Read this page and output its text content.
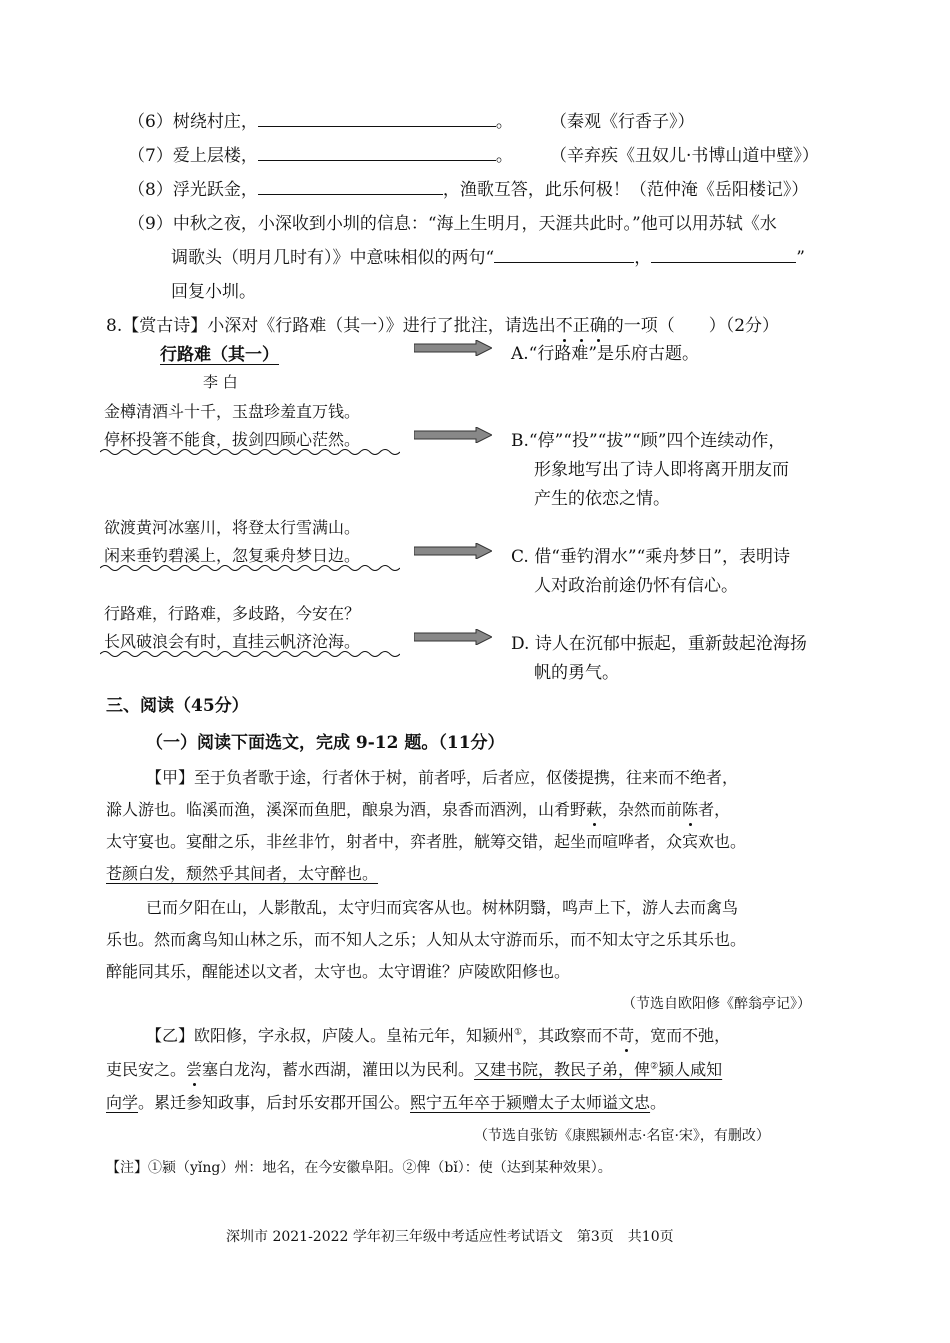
（6）树绕村庄，	。 （秦观《行香子》）
（7）爱上层楼，	。 （辛弃疾《丑奴儿·书博山道中壁》）
（8）浮光跃金，	，渔歌互答，此乐何极！（范仲淹《岳阳楼记》）
（9）中秋之夜，小深收到小圳的信息：“海上生明月，天涯共此时。”他可以用苏轼《水
调歌头（明月几时有）》中意味相似的两句“	，	”
回复小圳。
8.【赏古诗】小深对《行路难（其一）》进行了批注，请选出不正确的一项（　　）（2分）
行路难（其一）
李 白
金樽清酒斗十千，玉盘珍羞直万钱。
停杯投箸不能食，拔剑四顾心茫然。
欲渡黄河冰塞川，将登太行雪满山。
闲来垂钓碧溪上，忽复乘舟梦日边。
行路难，行路难，多歧路，今安在？
长风破浪会有时，直挂云帆济沧海。
A.“行路难”是乐府古题。
B.“停”“投”“拔”“顾”四个连续动作，
形象地写出了诗人即将离开朋友而
产生的依恋之情。
C. 借“垂钓渭水”“乘舟梦日”，表明诗
人对政治前途仍怀有信心。
D. 诗人在沉郁中振起，重新鼓起沧海扬
帆的勇气。
三、阅读（45分）
（一）阅读下面选文，完成 9-12 题。（11分）
【甲】至于负者歌于途，行者休于树，前者呼，后者应，伛偻提携，往来而不绝者，
滁人游也。临溪而渔，溪深而鱼肥，酿泉为酒，泉香而酒洌，山肴野蔌，杂然而前陈者，
太守宴也。宴酣之乐，非丝非竹，射者中，弈者胜，觥筹交错，起坐而喧哗者，众宾欢也。
苍颜白发，颓然乎其间者，太守醉也。
已而夕阳在山，人影散乱，太守归而宾客从也。树林阴翳，鸣声上下，游人去而禽鸟
乐也。然而禽鸟知山林之乐，而不知人之乐；人知从太守游而乐，而不知太守之乐其乐也。
醉能同其乐，醒能述以文者，太守也。太守谓谁？庐陵欧阳修也。
（节选自欧阳修《醉翁亭记》）
【乙】欧阳修，字永叔，庐陵人。皇祐元年，知颍州①，其政察而不苛，宽而不弛，
吏民安之。尝塞白龙沟，蓄水西湖，灌田以为民利。又建书院，教民子弟，俾②颍人咸知
向学。累迁参知政事，后封乐安郡开国公。熙宁五年卒于颍赠太子太师谥文忠。
（节选自张钫《康熙颍州志·名宦·宋》，有删改）
【注】①颍（yǐng）州：地名，在今安徽阜阳。②俾（bǐ）：使（达到某种效果）。
深圳市 2021-2022 学年初三年级中考适应性考试语文　第3页　共10页
